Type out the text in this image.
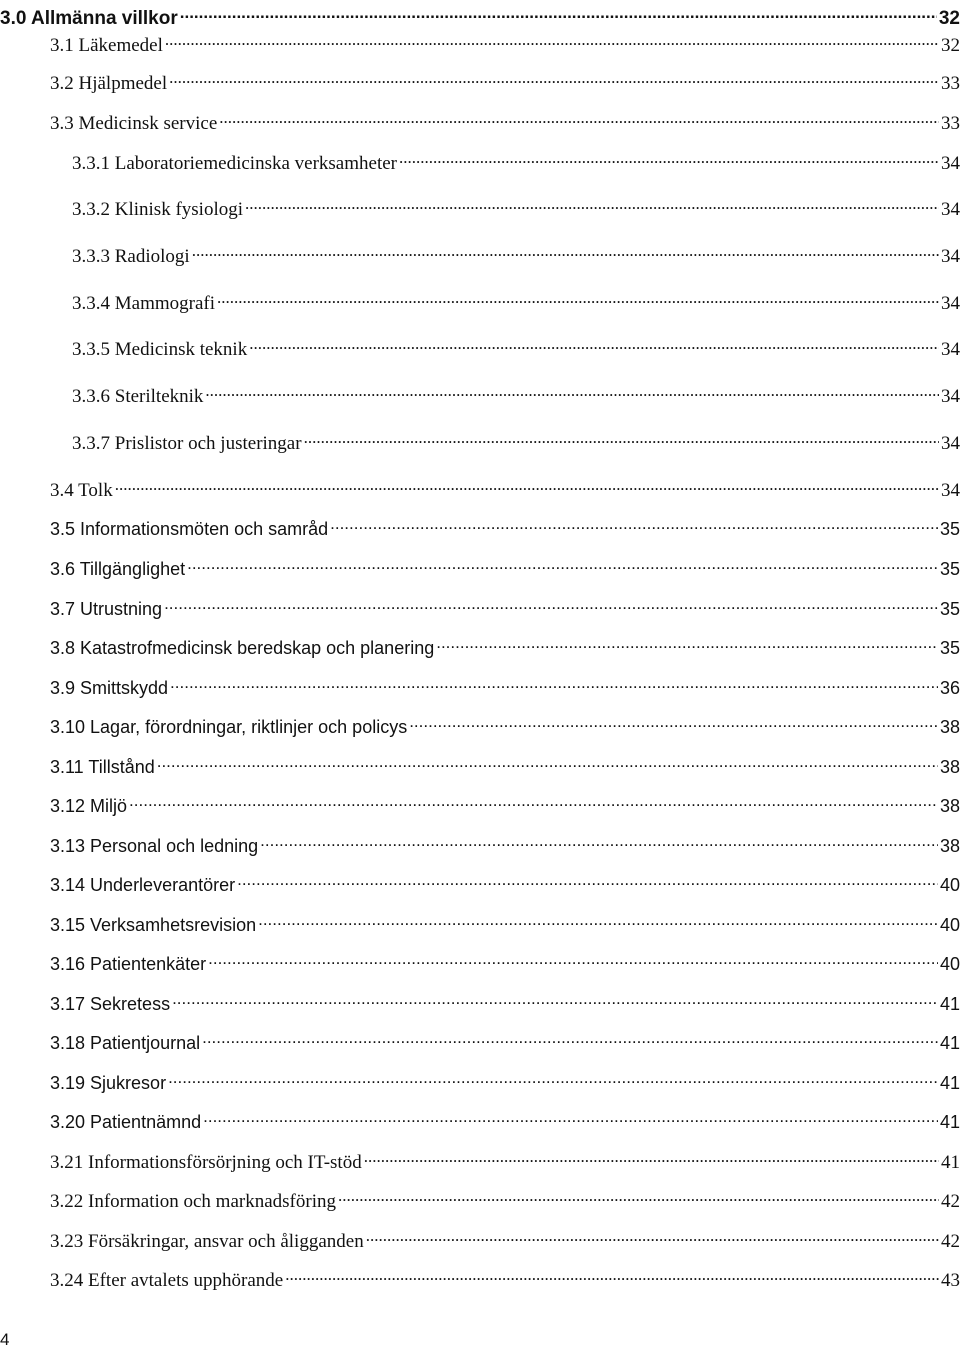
3.0 Allmänna villkor .....	32
3.1 Läkemedel .....	32
3.2 Hjälpmedel .....	33
3.3 Medicinsk service .....	33
3.3.1 Laboratoriemedicinska verksamheter .....	34
3.3.2 Klinisk fysiologi .....	34
3.3.3 Radiologi .....	34
3.3.4 Mammografi .....	34
3.3.5 Medicinsk teknik .....	34
3.3.6 Sterilteknik .....	34
3.3.7 Prislistor och justeringar .....	34
3.4 Tolk .....	34
3.5 Informationsmöten och samråd .....	35
3.6 Tillgänglighet .....	35
3.7 Utrustning .....	35
3.8 Katastrofmedicinsk beredskap och planering .....	35
3.9 Smittskydd .....	36
3.10 Lagar, förordningar, riktlinjer och policys .....	38
3.11 Tillstånd .....	38
3.12 Miljö .....	38
3.13 Personal och ledning .....	38
3.14 Underleverantörer .....	40
3.15 Verksamhetsrevision .....	40
3.16 Patientenkäter .....	40
3.17 Sekretess .....	41
3.18 Patientjournal .....	41
3.19 Sjukresor .....	41
3.20 Patientnämnd .....	41
3.21 Informationsförsörjning och IT-stöd .....	41
3.22 Information och marknadsföring .....	42
3.23 Försäkringar, ansvar och åligganden .....	42
3.24 Efter avtalets upphörande .....	43
4
